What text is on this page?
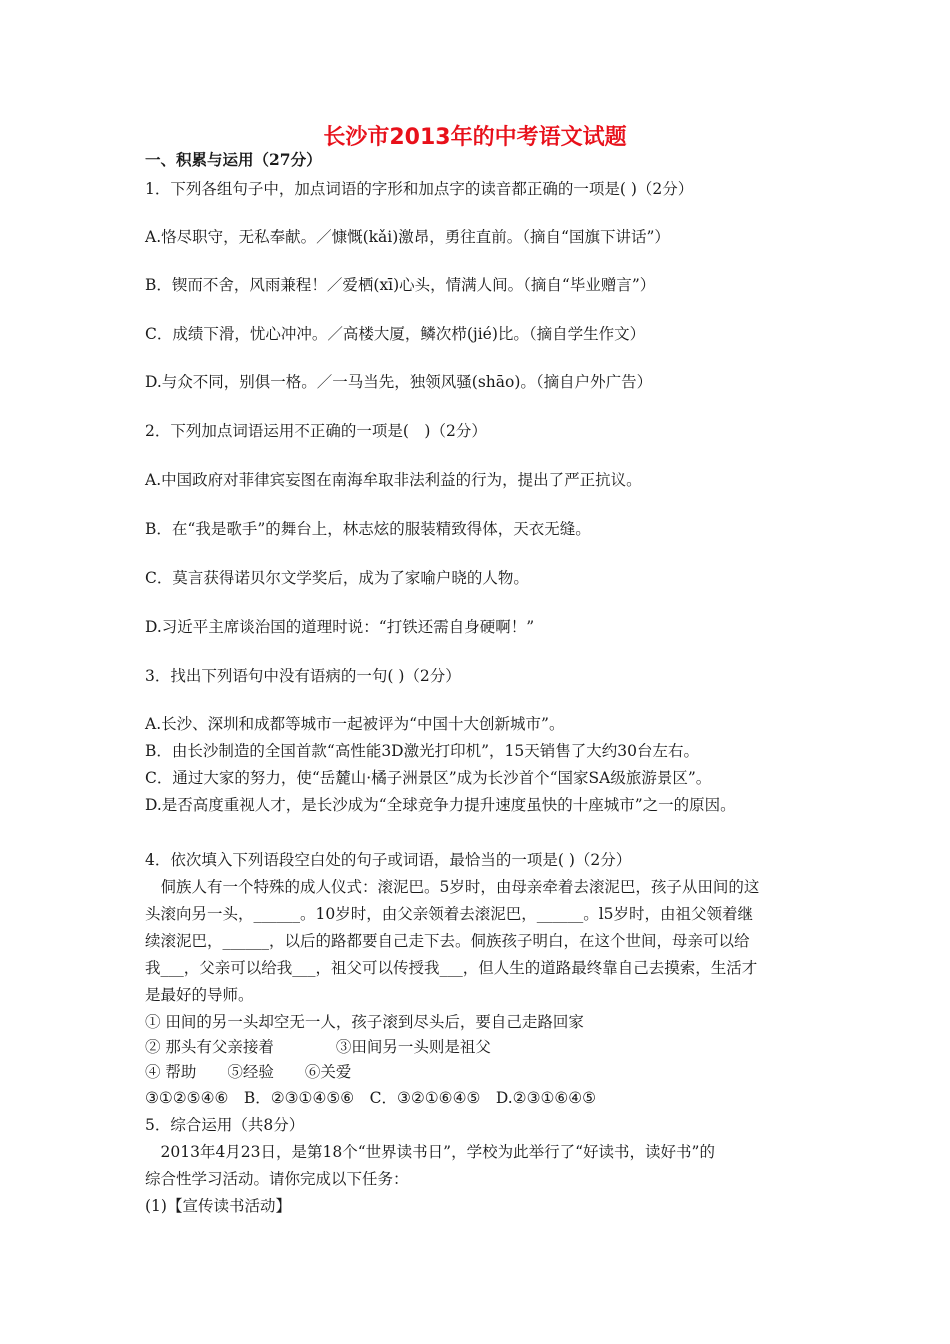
长沙市2013年的中考语文试题

一、积累与运用（27分）

1．下列各组句子中，加点词语的字形和加点字的读音都正确的一项是( )（2分）

A.恪尽职守，无私奉献。／慷慨(kǎi)激昂，勇往直前。（摘自“国旗下讲话”）

B．锲而不舍，风雨兼程！／爱栖(xī)心头，情满人间。（摘自“毕业赠言”）

C．成绩下滑，忧心冲冲。／高楼大厦，鳞次栉(jié)比。（摘自学生作文）

D.与众不同，别俱一格。／一马当先，独领风骚(shāo)。（摘自户外广告）

2．下列加点词语运用不正确的一项是(　)（2分）

A.中国政府对菲律宾妄图在南海牟取非法利益的行为，提出了严正抗议。

B．在“我是歌手”的舞台上，林志炫的服装精致得体，天衣无缝。

C．莫言获得诺贝尔文学奖后，成为了家喻户晓的人物。

D.习近平主席谈治国的道理时说：“打铁还需自身硬啊！”

3．找出下列语句中没有语病的一句( )（2分）

A.长沙、深圳和成都等城市一起被评为“中国十大创新城市”。

B．由长沙制造的全国首款“高性能3D激光打印机”，15天销售了大约30台左右。

C．通过大家的努力，使“岳麓山·橘子洲景区”成为长沙首个“国家SA级旅游景区”。

D.是否高度重视人才，是长沙成为“全球竞争力提升速度虽快的十座城市”之一的原因。

4．依次填入下列语段空白处的句子或词语，最恰当的一项是( )（2分）

　侗族人有一个特殊的成人仪式：滚泥巴。5岁时，由母亲牵着去滚泥巴，孩子从田间的这

头滚向另一头，______。10岁时，由父亲领着去滚泥巴，______。l5岁时，由祖父领着继

续滚泥巴，______，以后的路都要自己走下去。侗族孩子明白，在这个世间，母亲可以给

我___，父亲可以给我___，祖父可以传授我___，但人生的道路最终靠自己去摸索，生活才

是最好的导师。

① 田间的另一头却空无一人，孩子滚到尽头后，要自己走路回家

② 那头有父亲接着　　　　③田间另一头则是祖父

④ 帮助　　⑤经验　　⑥关爱

③①②⑤④⑥　B．②③①④⑤⑥　C．③②①⑥④⑤　D.②③①⑥④⑤

5．综合运用（共8分）

　2013年4月23日，是第18个“世界读书日”，学校为此举行了“好读书，读好书”的

综合性学习活动。请你完成以下任务：

(1)【宣传读书活动】
